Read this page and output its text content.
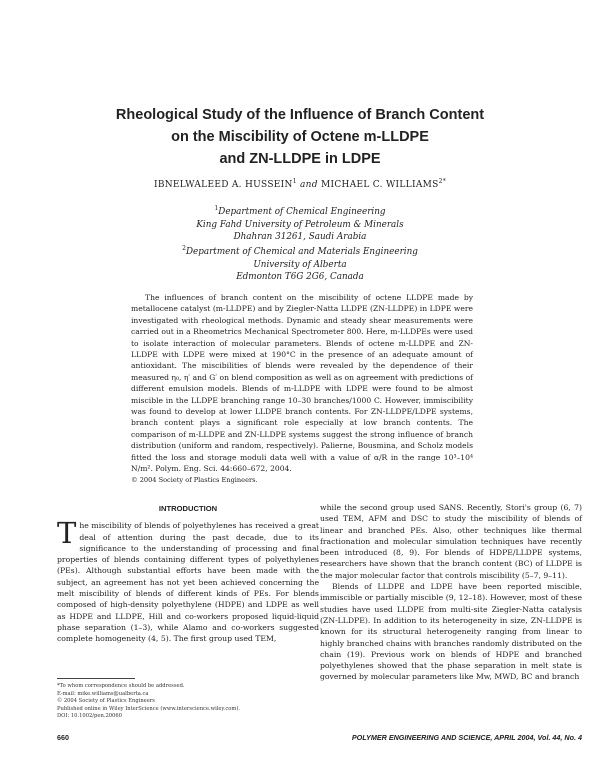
Rheological Study of the Influence of Branch Content
on the Miscibility of Octene m-LLDPE
and ZN-LLDPE in LDPE
IBNELWALEED A. HUSSEIN$^1$ and MICHAEL C. $WILLIAMS^{2*}$
$^1$Department of Chemical Engineering
King Fahd University of Petroleum & Minerals
Dhahran 31261, Saudi Arabia
$^2$Department of Chemical and Materials Engineering
University of Alberta
Edmonton T6G 2G6, Canada

The influences of branch content on the miscibility of octene LLDPE made by metallocene catalyst (m-LLDPE) and by Ziegler-Natta LLDPE (ZN-LLDPE) in LDPE were investigated with rheological methods. Dynamic and steady shear measurements were carried out in a Rheometrics Mechanical Spectrometer 800. Here, m-LLDPEs were used to isolate interaction of molecular parameters. Blends of octene m-LLDPE and ZN-LLDPE with LDPE were mixed at 190°C in the presence of an adequate amount of antioxidant. The miscibilities of blends were revealed by the dependence of their measured η₀, η′ and G′ on blend composition as well as on agreement with predictions of different emulsion models. Blends of m-LLDPE with LDPE were found to be almost miscible in the LLDPE branching range 10–30 branches/1000 C. However, immiscibility was found to develop at lower LLDPE branch contents. For ZN-LLDPE/LDPE systems, branch content plays a significant role especially at low branch contents. The comparison of m-LLDPE and ZN-LLDPE systems suggest the strong influence of branch distribution (uniform and random, respectively). Palierne, Bousmina, and Scholz models fitted the loss and storage moduli data well with a value of α/R in the range 10³–10⁴ N/m². Polym. Eng. Sci. 44:660–672, 2004.

© 2004 Society of Plastics Engineers.

INTRODUCTION

The miscibility of blends of polyethylenes has received a great deal of attention during the past decade, due to its significance to the understanding of processing and final properties of blends containing different types of polyethylenes (PEs). Although substantial efforts have been made with the subject, an agreement has not yet been achieved concerning the melt miscibility of blends of different kinds of PEs. For blends composed of high-density polyethylene (HDPE) and LDPE as well as HDPE and LLDPE, Hill and co-workers proposed liquid-liquid phase separation (1–3), while Alamo and co-workers suggested complete homogeneity (4, 5). The first group used TEM,

while the second group used SANS. Recently, Stori's group (6, 7) used TEM, AFM and DSC to study the miscibility of blends of linear and branched PEs. Also, other techniques like thermal fractionation and molecular simulation techniques have recently been introduced (8, 9). For blends of HDPE/LLDPE systems, researchers have shown that the branch content (BC) of LLDPE is the major molecular factor that controls miscibility (5–7, 9–11).

Blends of LLDPE and LDPE have been reported miscible, immiscible or partially miscible (9, 12–18). However, most of these studies have used LLDPE from multi-site Ziegler-Natta catalysis (ZN-LLDPE). In addition to its heterogeneity in size, ZN-LLDPE is known for its structural heterogeneity ranging from linear to highly branched chains with branches randomly distributed on the chain (19). Previous work on blends of HDPE and branched polyethylenes showed that the phase separation in melt state is governed by molecular parameters like Mw, MWD, BC and branch

*To whom correspondence should be addressed.
E-mail: mike.williams@ualberta.ca
© 2004 Society of Plastics Engineers
Published online in Wiley InterScience (www.interscience.wiley.com).
DOI: 10.1002/pen.20060
660	POLYMER ENGINEERING AND SCIENCE, APRIL 2004, Vol. 44, No. 4
